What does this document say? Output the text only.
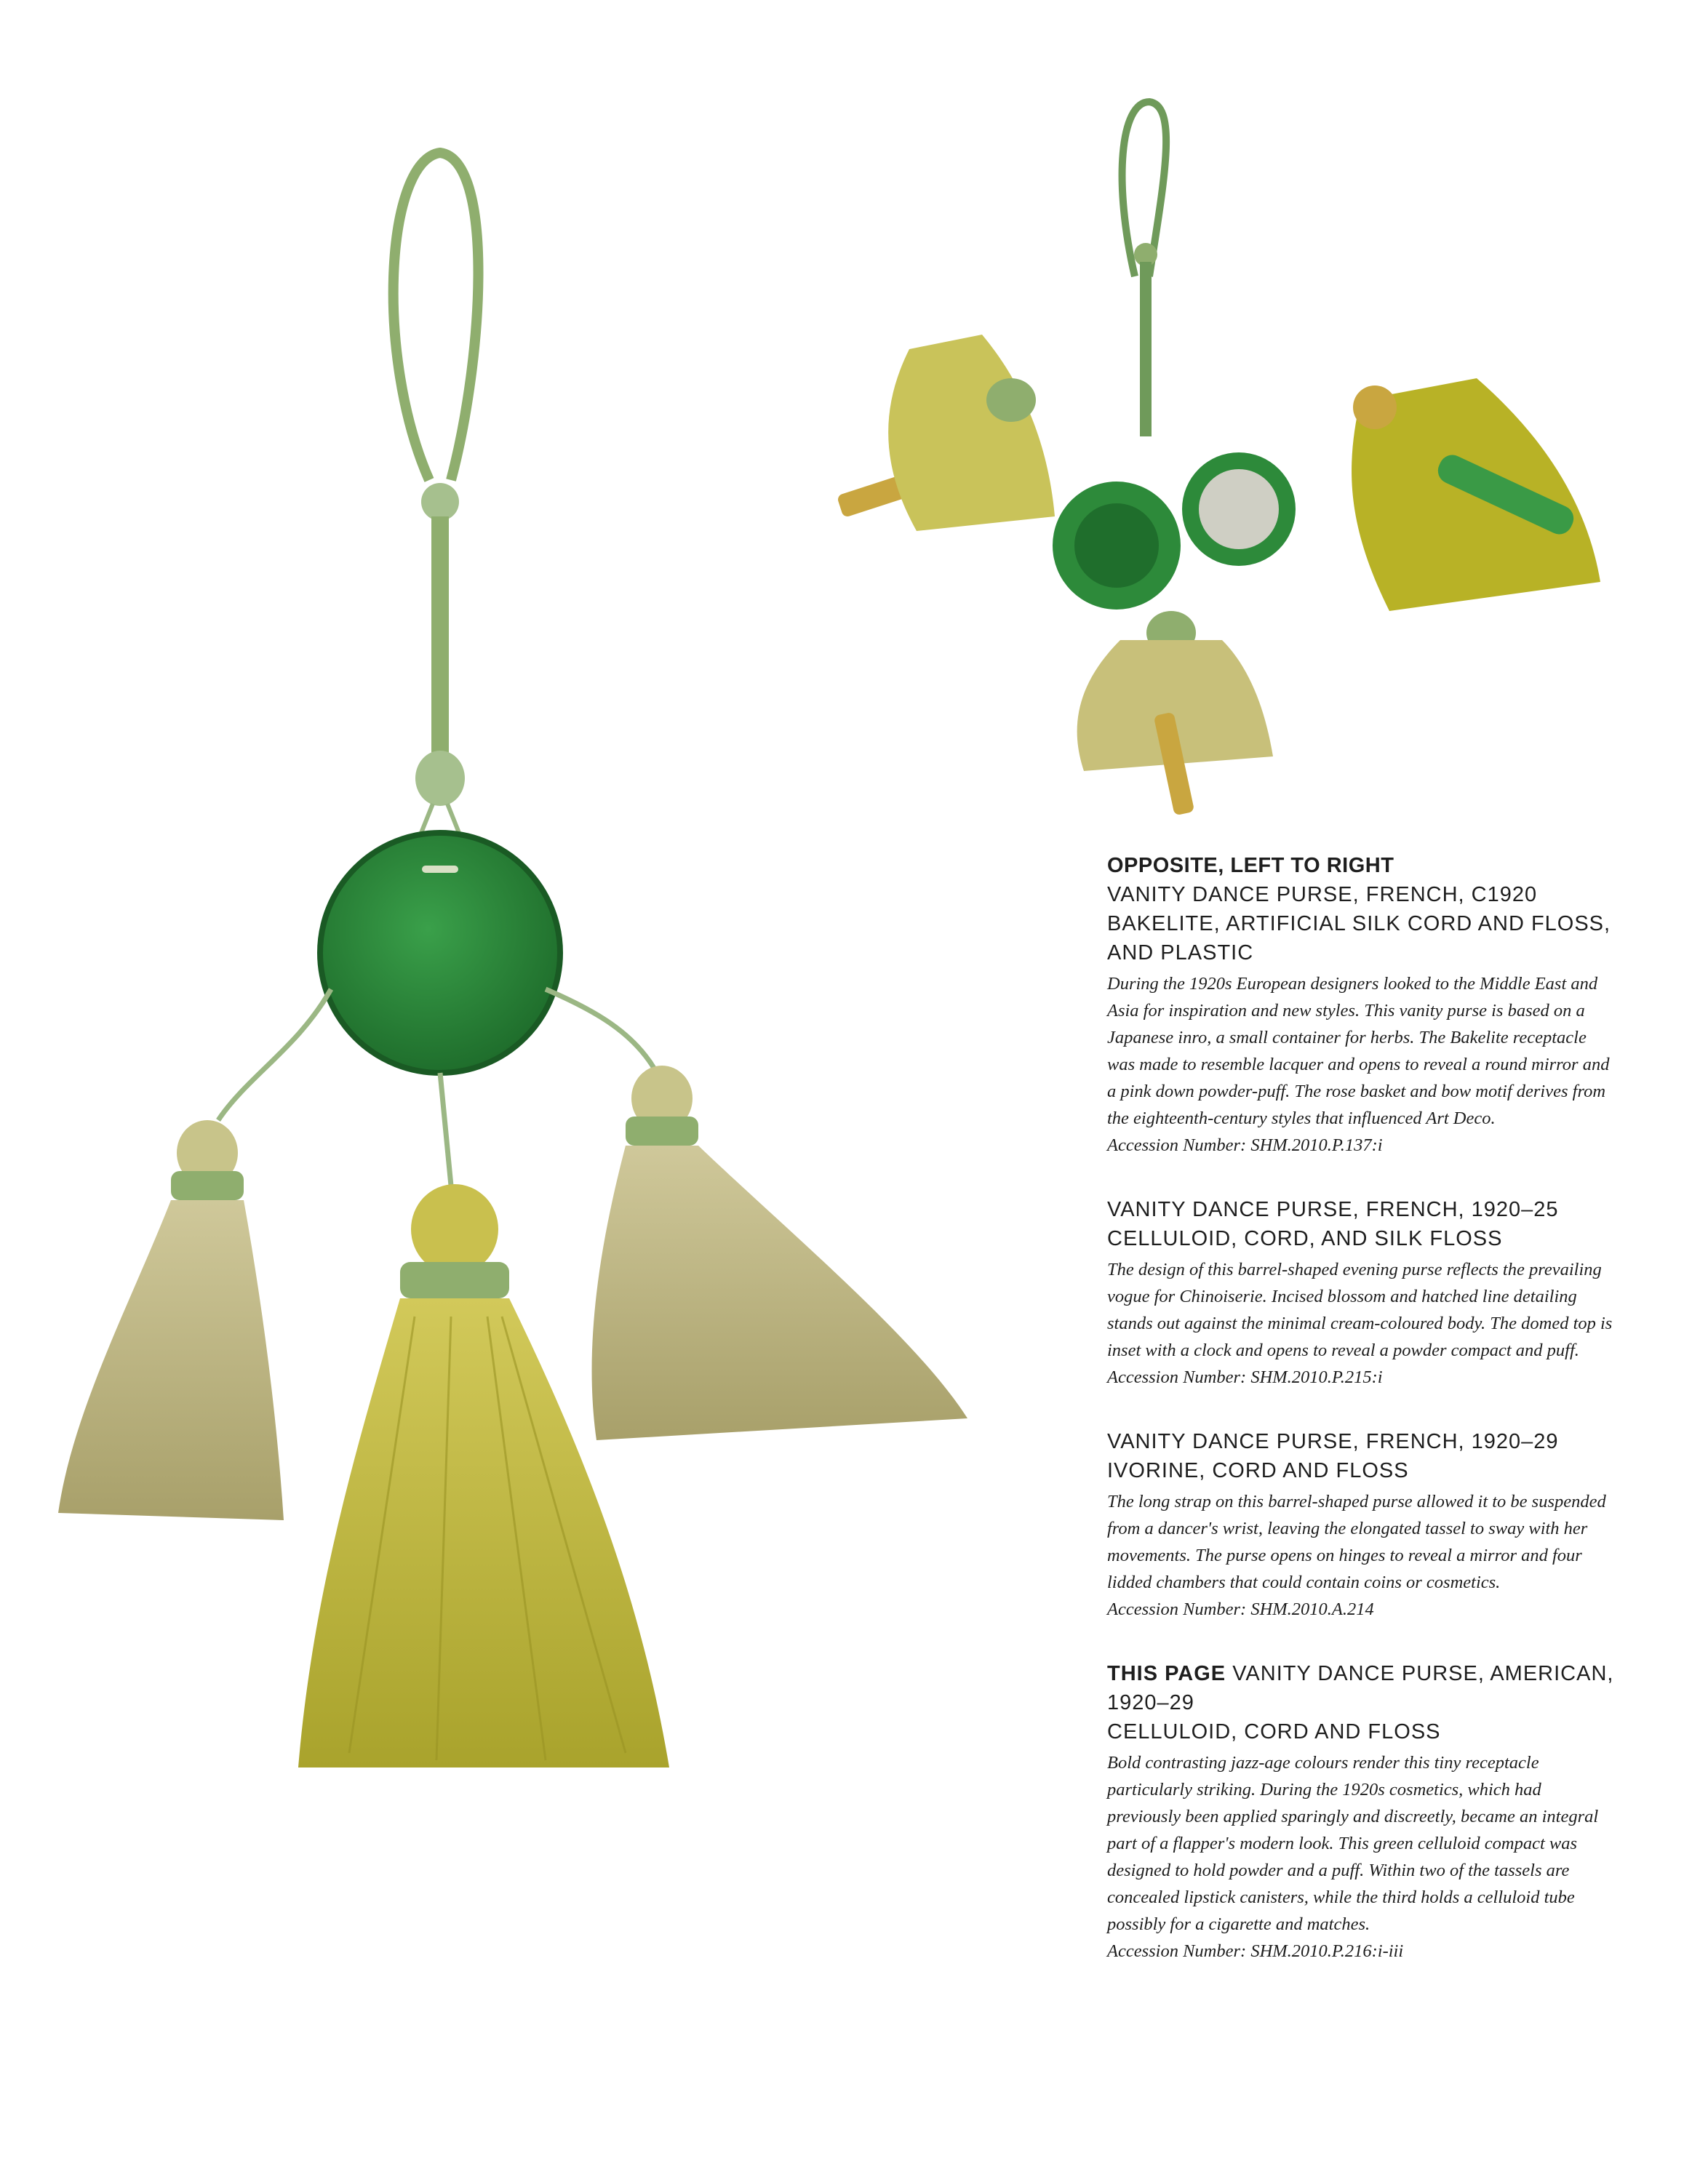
OPPOSITE, LEFT TO RIGHT

VANITY DANCE PURSE, FRENCH, C1920

BAKELITE, ARTIFICIAL SILK CORD AND FLOSS, AND PLASTIC

During the 1920s European designers looked to the Middle East and Asia for inspiration and new styles. This vanity purse is based on a Japanese inro, a small container for herbs. The Bakelite receptacle was made to resemble lacquer and opens to reveal a round mirror and a pink down powder-puff. The rose basket and bow motif derives from the eighteenth-century styles that influenced Art Deco.

Accession Number: SHM.2010.P.137:i

VANITY DANCE PURSE, FRENCH, 1920–25

CELLULOID, CORD, AND SILK FLOSS

The design of this barrel-shaped evening purse reflects the prevailing vogue for Chinoiserie. Incised blossom and hatched line detailing stands out against the minimal cream-coloured body. The domed top is inset with a clock and opens to reveal a powder compact and puff.

Accession Number: SHM.2010.P.215:i

VANITY DANCE PURSE, FRENCH, 1920–29

IVORINE, CORD AND FLOSS

The long strap on this barrel-shaped purse allowed it to be suspended from a dancer's wrist, leaving the elongated tassel to sway with her movements. The purse opens on hinges to reveal a mirror and four lidded chambers that could contain coins or cosmetics.

Accession Number: SHM.2010.A.214

THIS PAGE VANITY DANCE PURSE, AMERICAN, 1920–29

CELLULOID, CORD AND FLOSS

Bold contrasting jazz-age colours render this tiny receptacle particularly striking. During the 1920s cosmetics, which had previously been applied sparingly and discreetly, became an integral part of a flapper's modern look. This green celluloid compact was designed to hold powder and a puff. Within two of the tassels are concealed lipstick canisters, while the third holds a celluloid tube possibly for a cigarette and matches.

Accession Number: SHM.2010.P.216:i-iii
